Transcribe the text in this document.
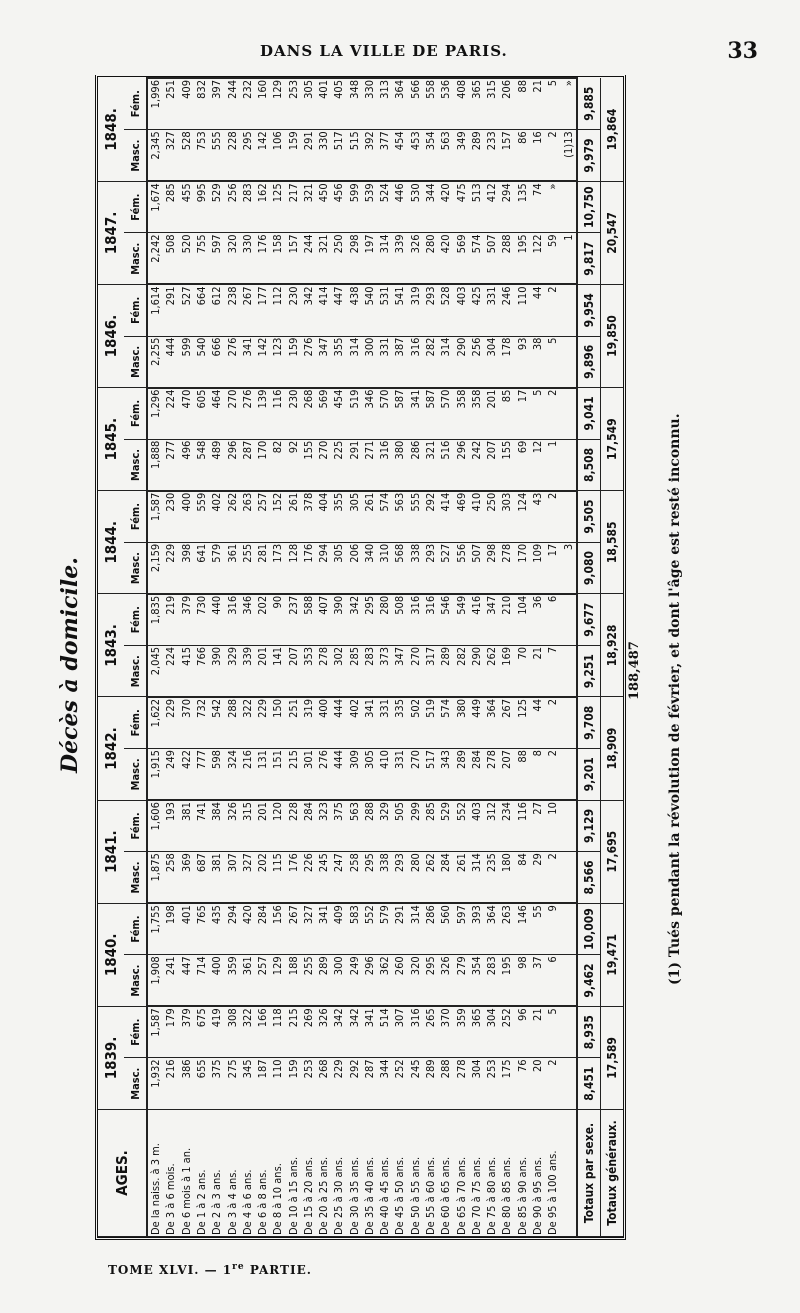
DANS LA VILLE DE PARIS.	33
Décès à domicile.
AGES.	1839.		1840.		1841.		1842.		1843.		1844.		1845.		1846.		1847.		1848.	
	Masc.	Fém.	Masc.	Fém.	Masc.	Fém.	Masc.	Fém.	Masc.	Fém.	Masc.	Fém.	Masc.	Fém.	Masc.	Fém.	Masc.	Fém.	Masc.	Fém.
De la naiss. à 3 m.	1,932	1,587	1,908	1,755	1,875	1,606	1,915	1,622	2,045	1,835	2,159	1,587	1,888	1,296	2,255	1,614	2,242	1,674	2,345	1,996
De 3 à 6 mois.	216	179	241	198	258	193	249	229	224	219	229	230	277	224	444	291	508	285	327	251
De 6 mois à 1 an.	386	379	447	401	369	381	422	370	415	379	398	400	496	470	599	527	520	455	528	409
De 1 à 2 ans.	655	675	714	765	687	741	777	732	766	730	641	559	548	605	540	664	755	995	753	832
De 2 à 3 ans.	375	419	400	435	381	384	598	542	390	440	579	402	489	464	666	612	597	529	555	397
De 3 à 4 ans.	275	308	359	294	307	326	324	288	329	316	361	262	296	270	276	238	320	256	228	244
De 4 à 6 ans.	345	322	361	420	327	315	216	322	339	346	255	263	287	276	341	267	330	283	295	232
De 6 à 8 ans.	187	166	257	284	202	201	131	229	201	202	281	257	170	139	142	177	176	162	142	160
De 8 à 10 ans.	110	118	129	156	115	120	151	150	141	90	173	152	82	116	123	112	158	125	106	129
De 10 à 15 ans.	159	215	188	267	176	228	215	251	207	237	128	261	92	230	159	230	157	217	159	253
De 15 à 20 ans.	253	269	255	327	226	284	301	319	353	588	176	378	155	268	276	342	244	321	291	305
De 20 à 25 ans.	268	326	289	341	245	323	276	400	278	407	294	404	270	569	347	414	321	450	330	401
De 25 à 30 ans.	229	342	300	409	247	375	444	444	302	390	305	355	225	454	355	447	250	456	517	405
De 30 à 35 ans.	292	342	249	583	258	563	309	402	285	342	206	305	291	519	314	438	298	599	515	348
De 35 à 40 ans.	287	341	296	552	295	288	305	341	283	295	340	261	271	346	300	540	197	539	392	330
De 40 à 45 ans.	344	514	362	579	338	329	410	331	373	280	310	574	316	570	331	531	314	524	377	313
De 45 à 50 ans.	252	307	260	291	293	505	331	335	347	508	568	563	380	587	387	541	339	446	454	364
De 50 à 55 ans.	245	316	320	314	280	299	270	502	270	316	338	555	286	341	316	319	326	530	453	566
De 55 à 60 ans.	289	265	295	286	262	285	517	519	317	316	293	292	321	587	282	293	280	344	354	558
De 60 à 65 ans.	288	370	326	560	284	529	343	574	289	546	527	414	516	570	314	528	420	420	563	536
De 65 à 70 ans.	278	359	279	597	261	552	289	380	282	549	556	469	296	358	290	403	569	475	349	408
De 70 à 75 ans.	304	365	354	393	314	403	284	449	290	416	507	410	242	358	256	425	574	513	289	365
De 75 à 80 ans.	253	304	283	364	235	312	278	364	262	347	298	250	207	201	304	331	507	412	233	315
De 80 à 85 ans.	175	252	195	263	180	234	207	267	169	210	278	303	155	85	178	246	288	294	157	206
De 85 à 90 ans.	76	96	98	146	84	116	88	125	70	104	170	124	69	17	93	110	195	135	86	88
De 90 à 95 ans.	20	21	37	55	29	27	8	44	21	36	109	43	12	5	38	44	122	74	16	21
De 95 à 100 ans.	2	5	6	9	2	10	2	2	7	6	17	2	1	2	5	2	59	»	2	5
											3						1		(1)13	»
Totaux par sexe.	8,451	8,935	9,462	10,009	8,566	9,129	9,201	9,708	9,251	9,677	9,080	9,505	8,508	9,041	9,896	9,954	9,817	10,750	9,979	9,885
Totaux généraux.	17,589		19,471		17,695		18,909		18,928		18,585		17,549		19,850		20,547		19,864	
188,487 (1) Tués pendant la révolution de février, et dont l'âge est resté inconnu.
TOME XLVI. — 1re PARTIE.
